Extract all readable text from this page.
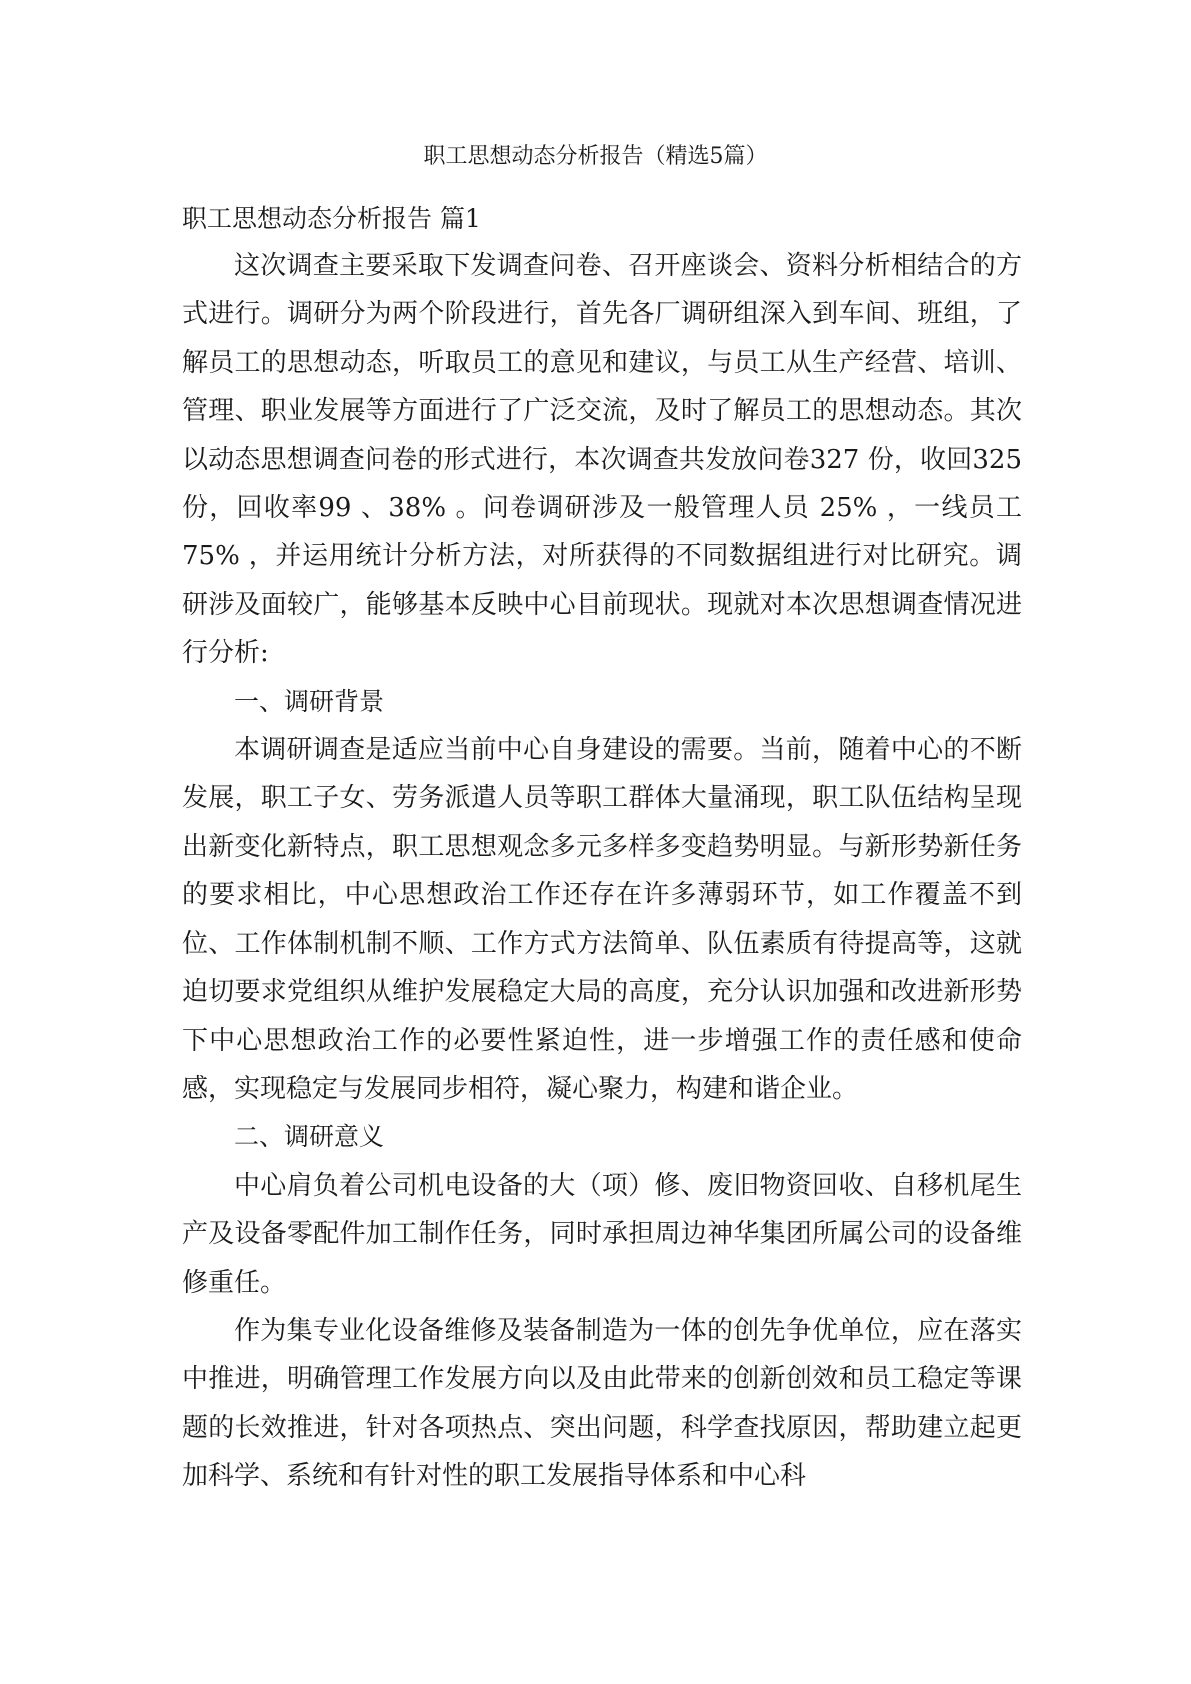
职工思想动态分析报告（精选5篇）
职工思想动态分析报告 篇1

这次调查主要采取下发调查问卷、召开座谈会、资料分析相结合的方式进行。调研分为两个阶段进行，首先各厂调研组深入到车间、班组，了解员工的思想动态，听取员工的意见和建议，与员工从生产经营、培训、管理、职业发展等方面进行了广泛交流，及时了解员工的思想动态。其次以动态思想调查问卷的形式进行，本次调查共发放问卷327 份，收回325 份，回收率99 、38% 。问卷调研涉及一般管理人员 25% ，一线员工 75% ，并运用统计分析方法，对所获得的不同数据组进行对比研究。调研涉及面较广，能够基本反映中心目前现状。现就对本次思想调查情况进行分析:

一、调研背景

本调研调查是适应当前中心自身建设的需要。当前，随着中心的不断发展，职工子女、劳务派遣人员等职工群体大量涌现，职工队伍结构呈现出新变化新特点，职工思想观念多元多样多变趋势明显。与新形势新任务的要求相比，中心思想政治工作还存在许多薄弱环节，如工作覆盖不到位、工作体制机制不顺、工作方式方法简单、队伍素质有待提高等，这就迫切要求党组织从维护发展稳定大局的高度，充分认识加强和改进新形势下中心思想政治工作的必要性紧迫性，进一步增强工作的责任感和使命感，实现稳定与发展同步相符，凝心聚力，构建和谐企业。

二、调研意义

中心肩负着公司机电设备的大（项）修、废旧物资回收、自移机尾生产及设备零配件加工制作任务，同时承担周边神华集团所属公司的设备维修重任。

作为集专业化设备维修及装备制造为一体的创先争优单位，应在落实中推进，明确管理工作发展方向以及由此带来的创新创效和员工稳定等课题的长效推进，针对各项热点、突出问题，科学查找原因，帮助建立起更加科学、系统和有针对性的职工发展指导体系和中心科
